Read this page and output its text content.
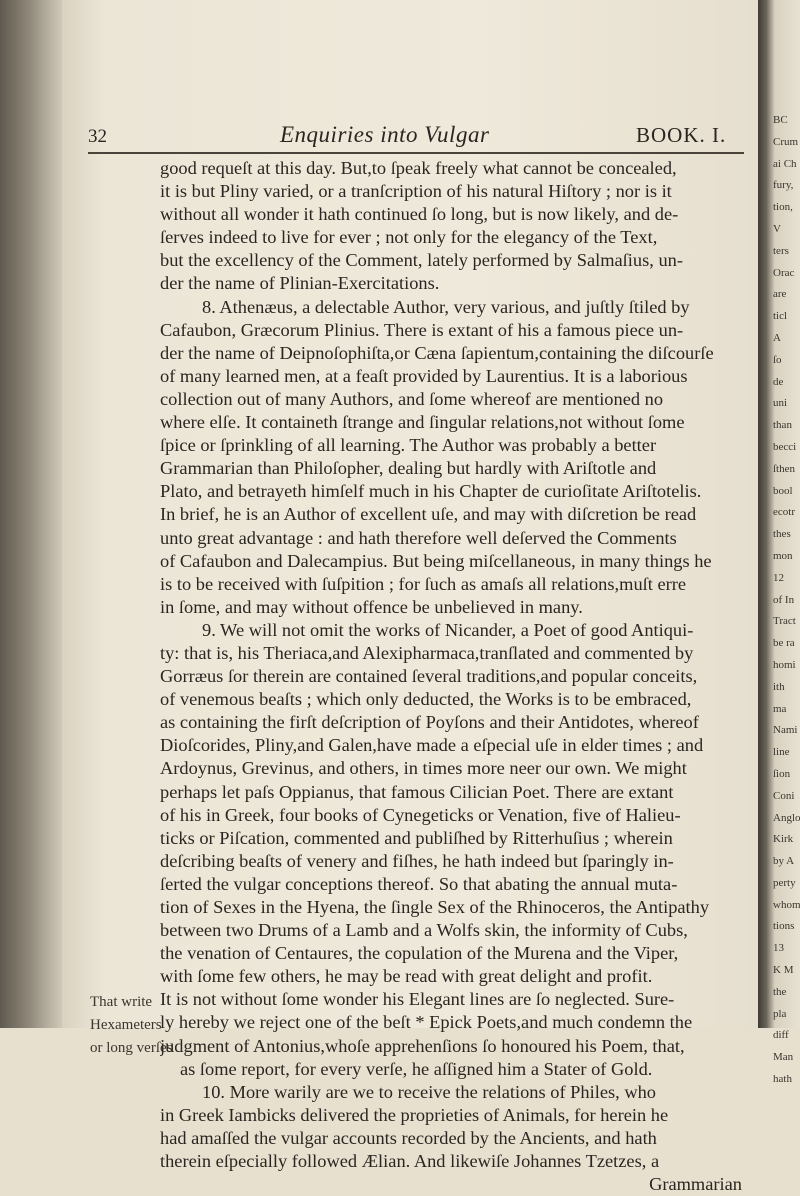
BC
Crum
ai Ch
fury,
tion,
V
ters
Orac
are
ticl
A
ſo
de
uni
than
becci
ſthen
bool
ecotr
thes
mon
12
of In
Tract
be ra
homi
ith
ma
Nami
line
ſion
Coni
Anglo
Kirk
by A
perty
whom
tions
13
K M
the
pla
diff
Man
hath
32	Enquiries into Vulgar	BOOK. I.
good requeſt at this day. But,to ſpeak freely what cannot be concealed,
it is but Pliny varied, or a tranſcription of his natural Hiſtory ; nor is it
without all wonder it hath continued ſo long, but is now likely, and de-
ſerves indeed to live for ever ; not only for the elegancy of the Text,
but the excellency of the Comment, lately performed by Salmaſius, un-
der the name of Plinian-Exercitations.
8. Athenæus, a delectable Author, very various, and juſtly ſtiled by
Cafaubon, Græcorum Plinius. There is extant of his a famous piece un-
der the name of Deipnoſophiſta,or Cæna ſapientum,containing the diſcourſe
of many learned men, at a feaſt provided by Laurentius. It is a laborious
collection out of many Authors, and ſome whereof are mentioned no
where elſe. It containeth ſtrange and ſingular relations,not without ſome
ſpice or ſprinkling of all learning. The Author was probably a better
Grammarian than Philoſopher, dealing but hardly with Ariſtotle and
Plato, and betrayeth himſelf much in his Chapter de curioſitate Ariſtotelis.
In brief, he is an Author of excellent uſe, and may with diſcretion be read
unto great advantage : and hath therefore well deſerved the Comments
of Cafaubon and Dalecampius. But being miſcellaneous, in many things he
is to be received with ſuſpition ; for ſuch as amaſs all relations,muſt erre
in ſome, and may without offence be unbelieved in many.
9. We will not omit the works of Nicander, a Poet of good Antiqui-
ty: that is, his Theriaca,and Alexipharmaca,tranſlated and commented by
Gorræus ſor therein are contained ſeveral traditions,and popular conceits,
of venemous beaſts ; which only deducted, the Works is to be embraced,
as containing the firſt deſcription of Poyſons and their Antidotes, whereof
Dioſcorides, Pliny,and Galen,have made a eſpecial uſe in elder times ; and
Ardoynus, Grevinus, and others, in times more neer our own. We might
perhaps let paſs Oppianus, that famous Cilician Poet. There are extant
of his in Greek, four books of Cynegeticks or Venation, five of Halieu-
ticks or Piſcation, commented and publiſhed by Ritterhuſius ; wherein
deſcribing beaſts of venery and fiſhes, he hath indeed but ſparingly in-
ſerted the vulgar conceptions thereof. So that abating the annual muta-
tion of Sexes in the Hyena, the ſingle Sex of the Rhinoceros, the Antipathy
between two Drums of a Lamb and a Wolfs skin, the informity of Cubs,
the venation of Centaures, the copulation of the Murena and the Viper,
with ſome few others, he may be read with great delight and profit.
It is not without ſome wonder his Elegant lines are ſo neglected. Sure-
ly hereby we reject one of the beſt * Epick Poets,and much condemn the
judgment of Antonius,whoſe apprehenſions ſo honoured his Poem, that,
as ſome report, for every verſe, he aſſigned him a Stater of Gold.
10. More warily are we to receive the relations of Philes, who
in Greek Iambicks delivered the proprieties of Animals, for herein he
had amaſſed the vulgar accounts recorded by the Ancients, and hath
therein eſpecially followed Ælian. And likewiſe Johannes Tzetzes, a
Grammarian
That write
Hexameters
or long verſes
